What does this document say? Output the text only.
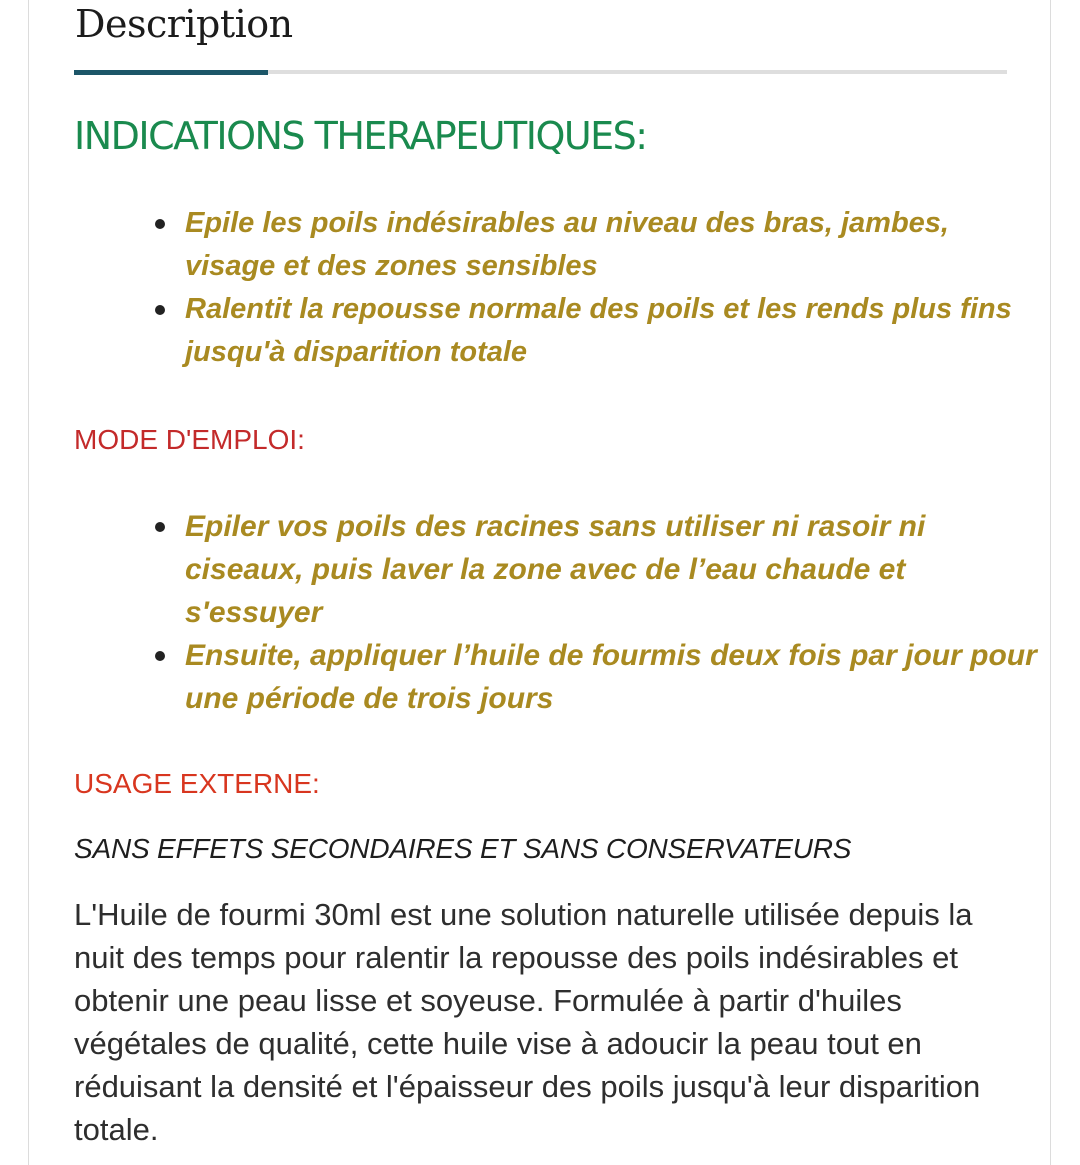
Description
INDICATIONS THERAPEUTIQUES:
Epile les poils indésirables au niveau des bras, jambes, visage et des zones sensibles
Ralentit la repousse normale des poils et les rends plus fins jusqu'à disparition totale
MODE D'EMPLOI:
Epiler vos poils des racines sans utiliser ni rasoir ni ciseaux, puis laver la zone avec de l’eau chaude et s'essuyer
Ensuite, appliquer l’huile de fourmis deux fois par jour pour une période de trois jours
USAGE EXTERNE:
SANS EFFETS SECONDAIRES ET SANS CONSERVATEURS

L'Huile de fourmi 30ml est une solution naturelle utilisée depuis la nuit des temps pour ralentir la repousse des poils indésirables et obtenir une peau lisse et soyeuse. Formulée à partir d'huiles végétales de qualité, cette huile vise à adoucir la peau tout en réduisant la densité et l'épaisseur des poils jusqu'à leur disparition totale.
